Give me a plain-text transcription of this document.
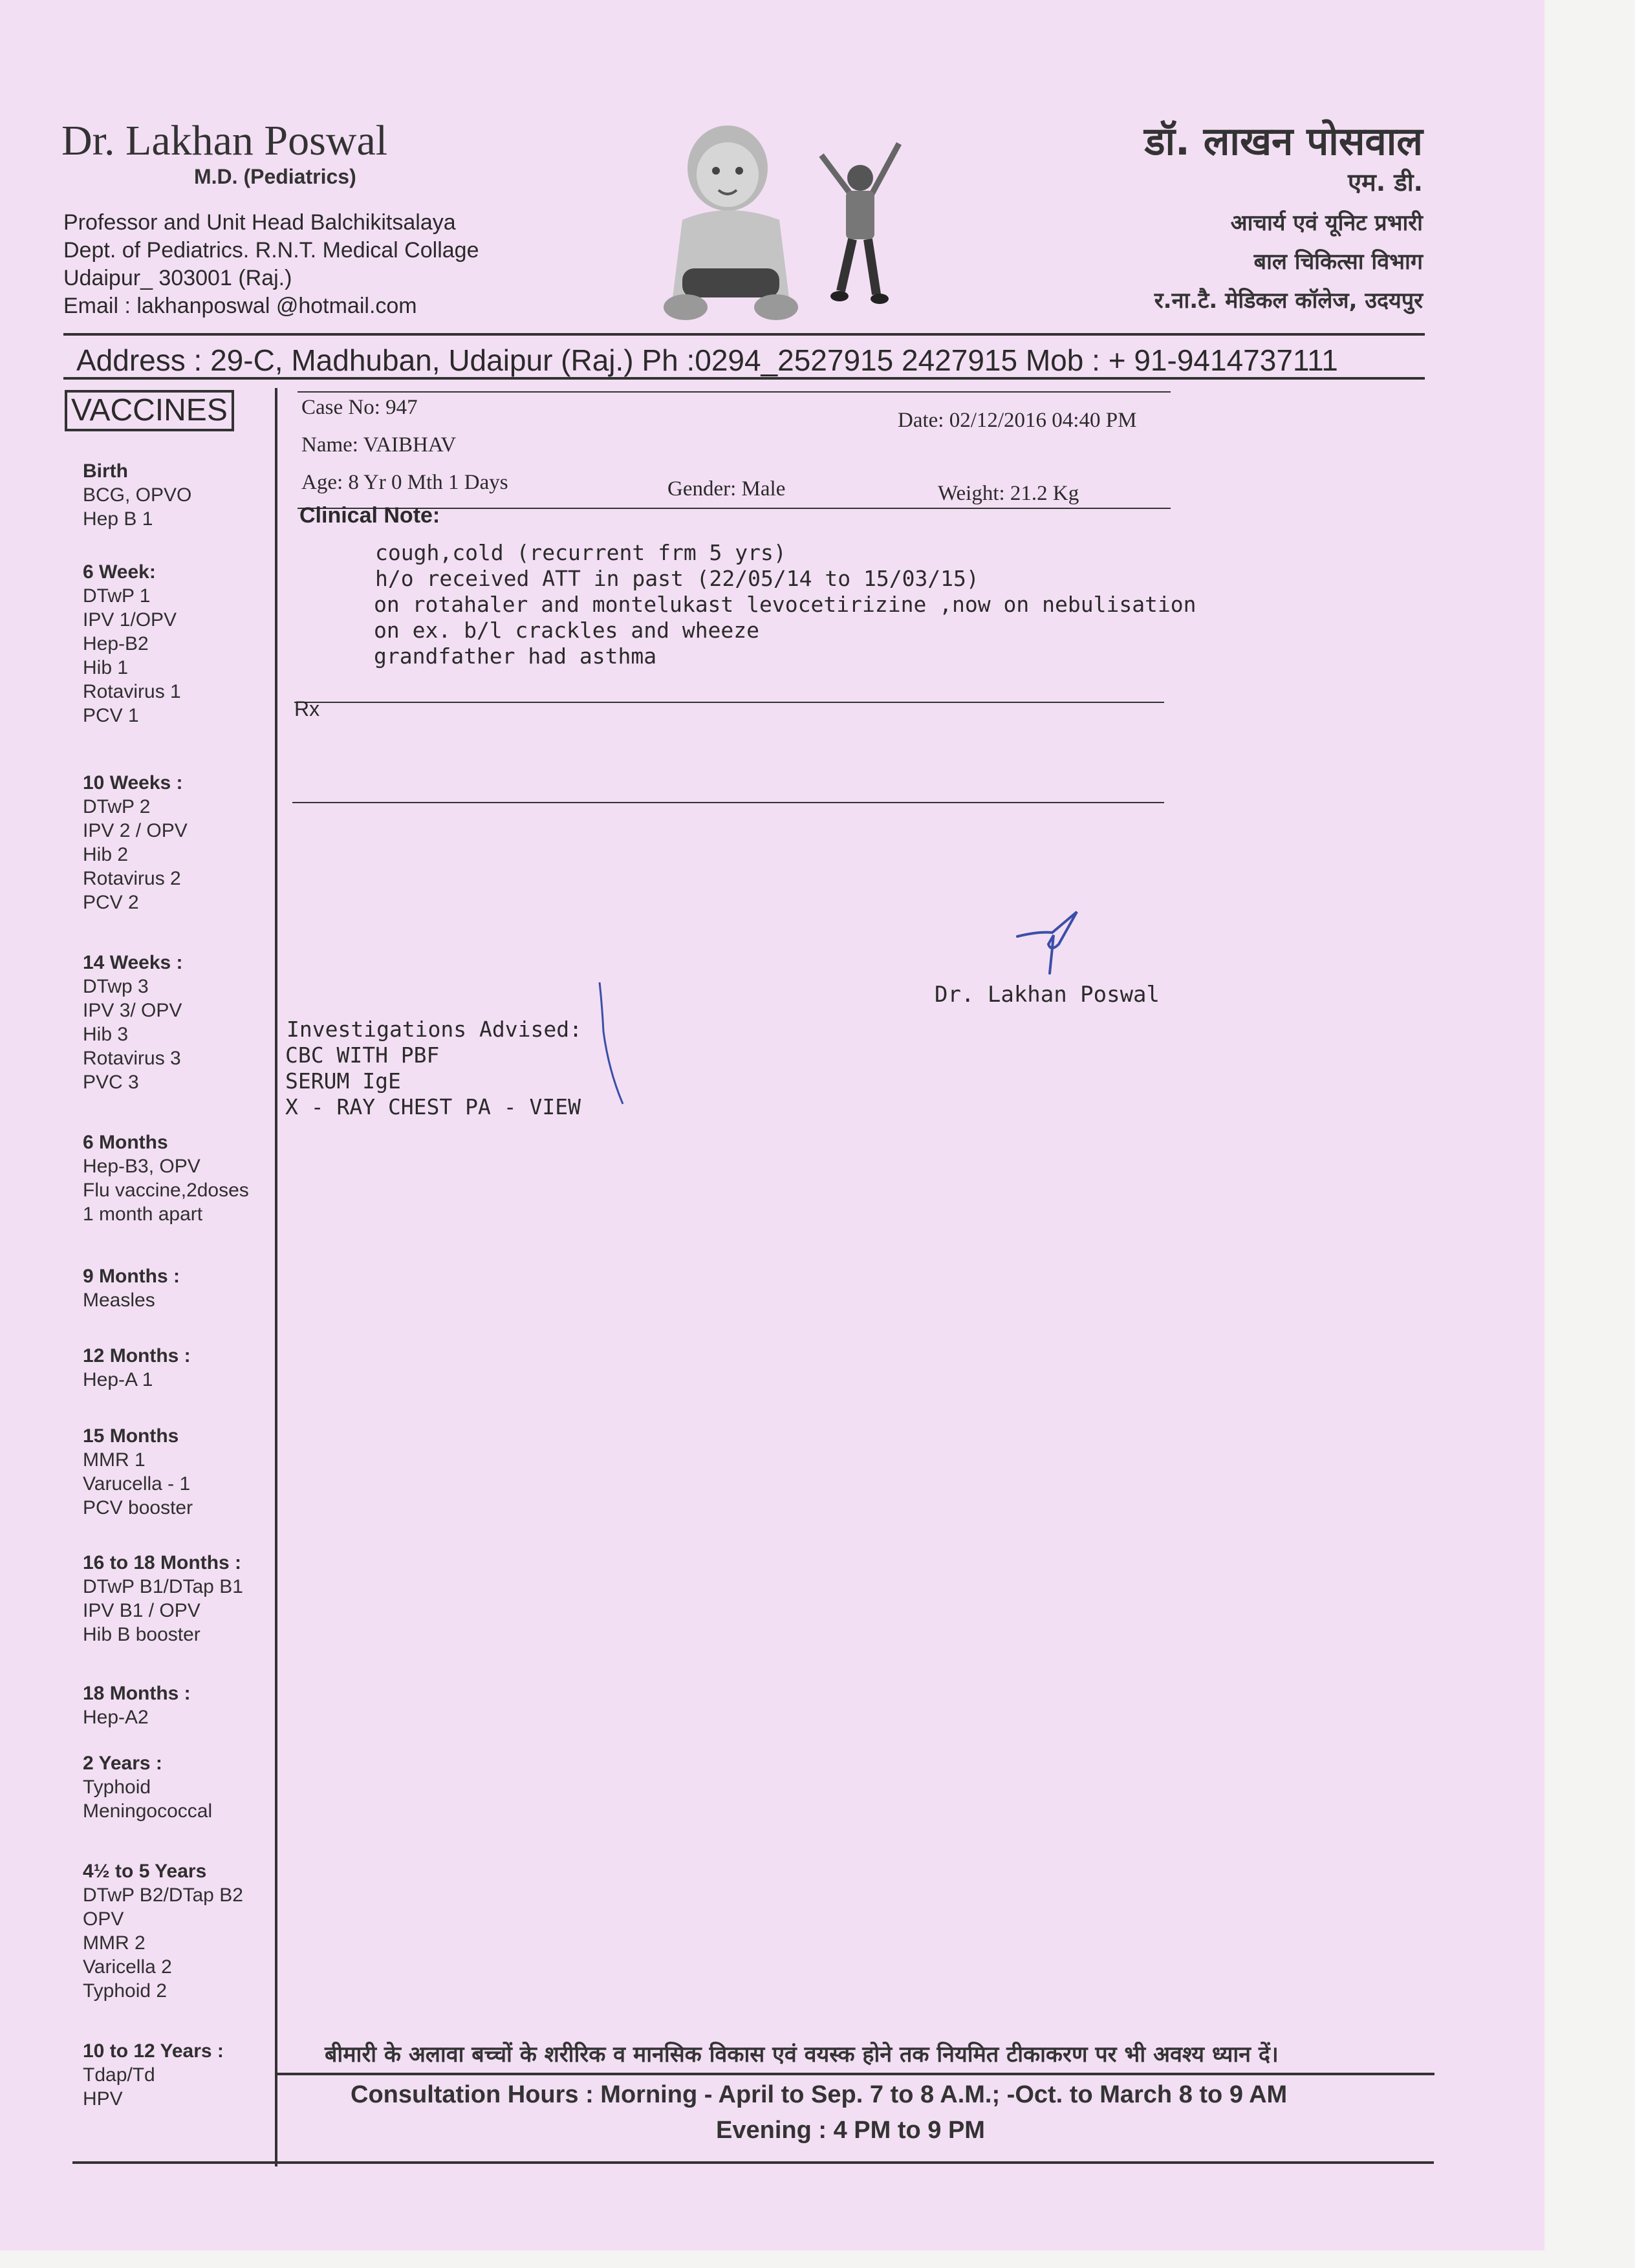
Dr. Lakhan Poswal
M.D. (Pediatrics)
Professor and Unit Head Balchikitsalaya
Dept. of Pediatrics. R.N.T. Medical Collage
Udaipur_ 303001 (Raj.)
Email : lakhanposwal @hotmail.com
डॉ. लाखन पोसवाल
एम. डी.
आचार्य एवं यूनिट प्रभारी
बाल चिकित्सा विभाग
र.ना.टै. मेडिकल कॉलेज, उदयपुर
Address : 29-C, Madhuban, Udaipur (Raj.) Ph :0294_2527915 2427915 Mob : + 91-9414737111
VACCINES
Birth
BCG, OPVO
Hep B 1
6 Week:
DTwP 1
IPV 1/OPV
Hep-B2
Hib 1
Rotavirus 1
PCV 1
10 Weeks :
DTwP 2
IPV 2 / OPV
Hib 2
Rotavirus 2
PCV 2
14 Weeks :
DTwp 3
IPV 3/ OPV
Hib 3
Rotavirus 3
PVC 3
6 Months
Hep-B3, OPV
Flu vaccine,2doses
1 month apart
9 Months :
Measles
12 Months :
Hep-A 1
15 Months
MMR 1
Varucella - 1
PCV booster
16 to 18 Months :
DTwP B1/DTap B1
IPV B1 / OPV
Hib B booster
18 Months :
Hep-A2
2 Years :
Typhoid
Meningococcal
4½ to 5 Years
DTwP B2/DTap B2
OPV
MMR 2
Varicella 2
Typhoid 2
10 to 12 Years :
Tdap/Td
HPV
Case No: 947
Date: 02/12/2016 04:40 PM
Name: VAIBHAV
Age: 8 Yr 0 Mth 1 Days	Gender: Male	Weight: 21.2 Kg
Clinical Note:
cough,cold (recurrent frm 5 yrs)
h/o received ATT in past (22/05/14 to 15/03/15)
on rotahaler and montelukast levocetirizine ,now on nebulisation
on ex. b/l crackles and wheeze
grandfather had asthma
Rx
Dr. Lakhan Poswal
Investigations Advised:
CBC WITH PBF
SERUM IgE
X - RAY CHEST PA - VIEW
बीमारी के अलावा बच्चों के शरीरिक व मानसिक विकास एवं वयस्क होने तक नियमित टीकाकरण पर भी अवश्य ध्यान दें।
Consultation Hours : Morning - April to Sep. 7 to 8 A.M.; -Oct. to March 8 to 9 AM
Evening : 4 PM to 9 PM
